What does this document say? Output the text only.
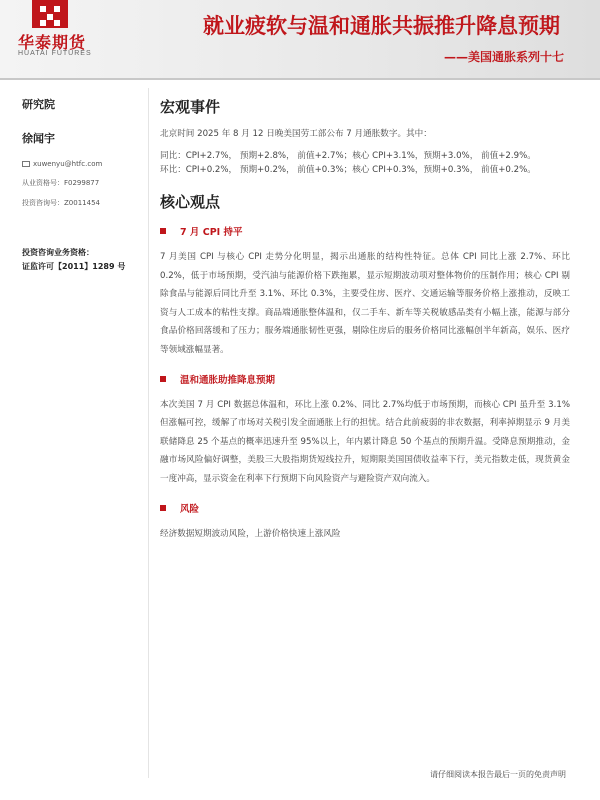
华泰期货
HUATAI FUTURES
就业疲软与温和通胀共振推升降息预期
——美国通胀系列十七
研究院
徐闻宇
xuwenyu@htfc.com
从业资格号：F0299877
投资咨询号：Z0011454
投资咨询业务资格：
证监许可【2011】1289 号
宏观事件
北京时间 2025 年 8 月 12 日晚美国劳工部公布 7 月通胀数字。其中：
同比：CPI+2.7%， 预期+2.8%， 前值+2.7%；核心 CPI+3.1%，预期+3.0%， 前值+2.9%。
环比：CPI+0.2%， 预期+0.2%， 前值+0.3%；核心 CPI+0.3%，预期+0.3%， 前值+0.2%。
核心观点
7 月 CPI 持平
7 月美国 CPI 与核心 CPI 走势分化明显，揭示出通胀的结构性特征。总体 CPI 同比上涨 2.7%、环比 0.2%，低于市场预期，受汽油与能源价格下跌拖累，显示短期波动项对整体物价的压制作用；核心 CPI 剔除食品与能源后同比升至 3.1%、环比 0.3%，主要受住房、医疗、交通运输等服务价格上涨推动，反映工资与人工成本的粘性支撑。商品端通胀整体温和，仅二手车、新车等关税敏感品类有小幅上涨，能源与部分食品价格回落缓和了压力；服务端通胀韧性更强，剔除住房后的服务价格同比涨幅创半年新高，娱乐、医疗等领域涨幅显著。
温和通胀助推降息预期
本次美国 7 月 CPI 数据总体温和，环比上涨 0.2%、同比 2.7%均低于市场预期，而核心 CPI 虽升至 3.1%但涨幅可控，缓解了市场对关税引发全面通胀上行的担忧。结合此前疲弱的非农数据，利率掉期显示 9 月美联储降息 25 个基点的概率迅速升至 95%以上，年内累计降息 50 个基点的预期升温。受降息预期推动，金融市场风险偏好调整，美股三大股指期货短线拉升，短期限美国国债收益率下行，美元指数走低，现货黄金一度冲高，显示资金在利率下行预期下向风险资产与避险资产双向流入。
风险
经济数据短期波动风险，上游价格快速上涨风险
请仔细阅读本报告最后一页的免责声明
